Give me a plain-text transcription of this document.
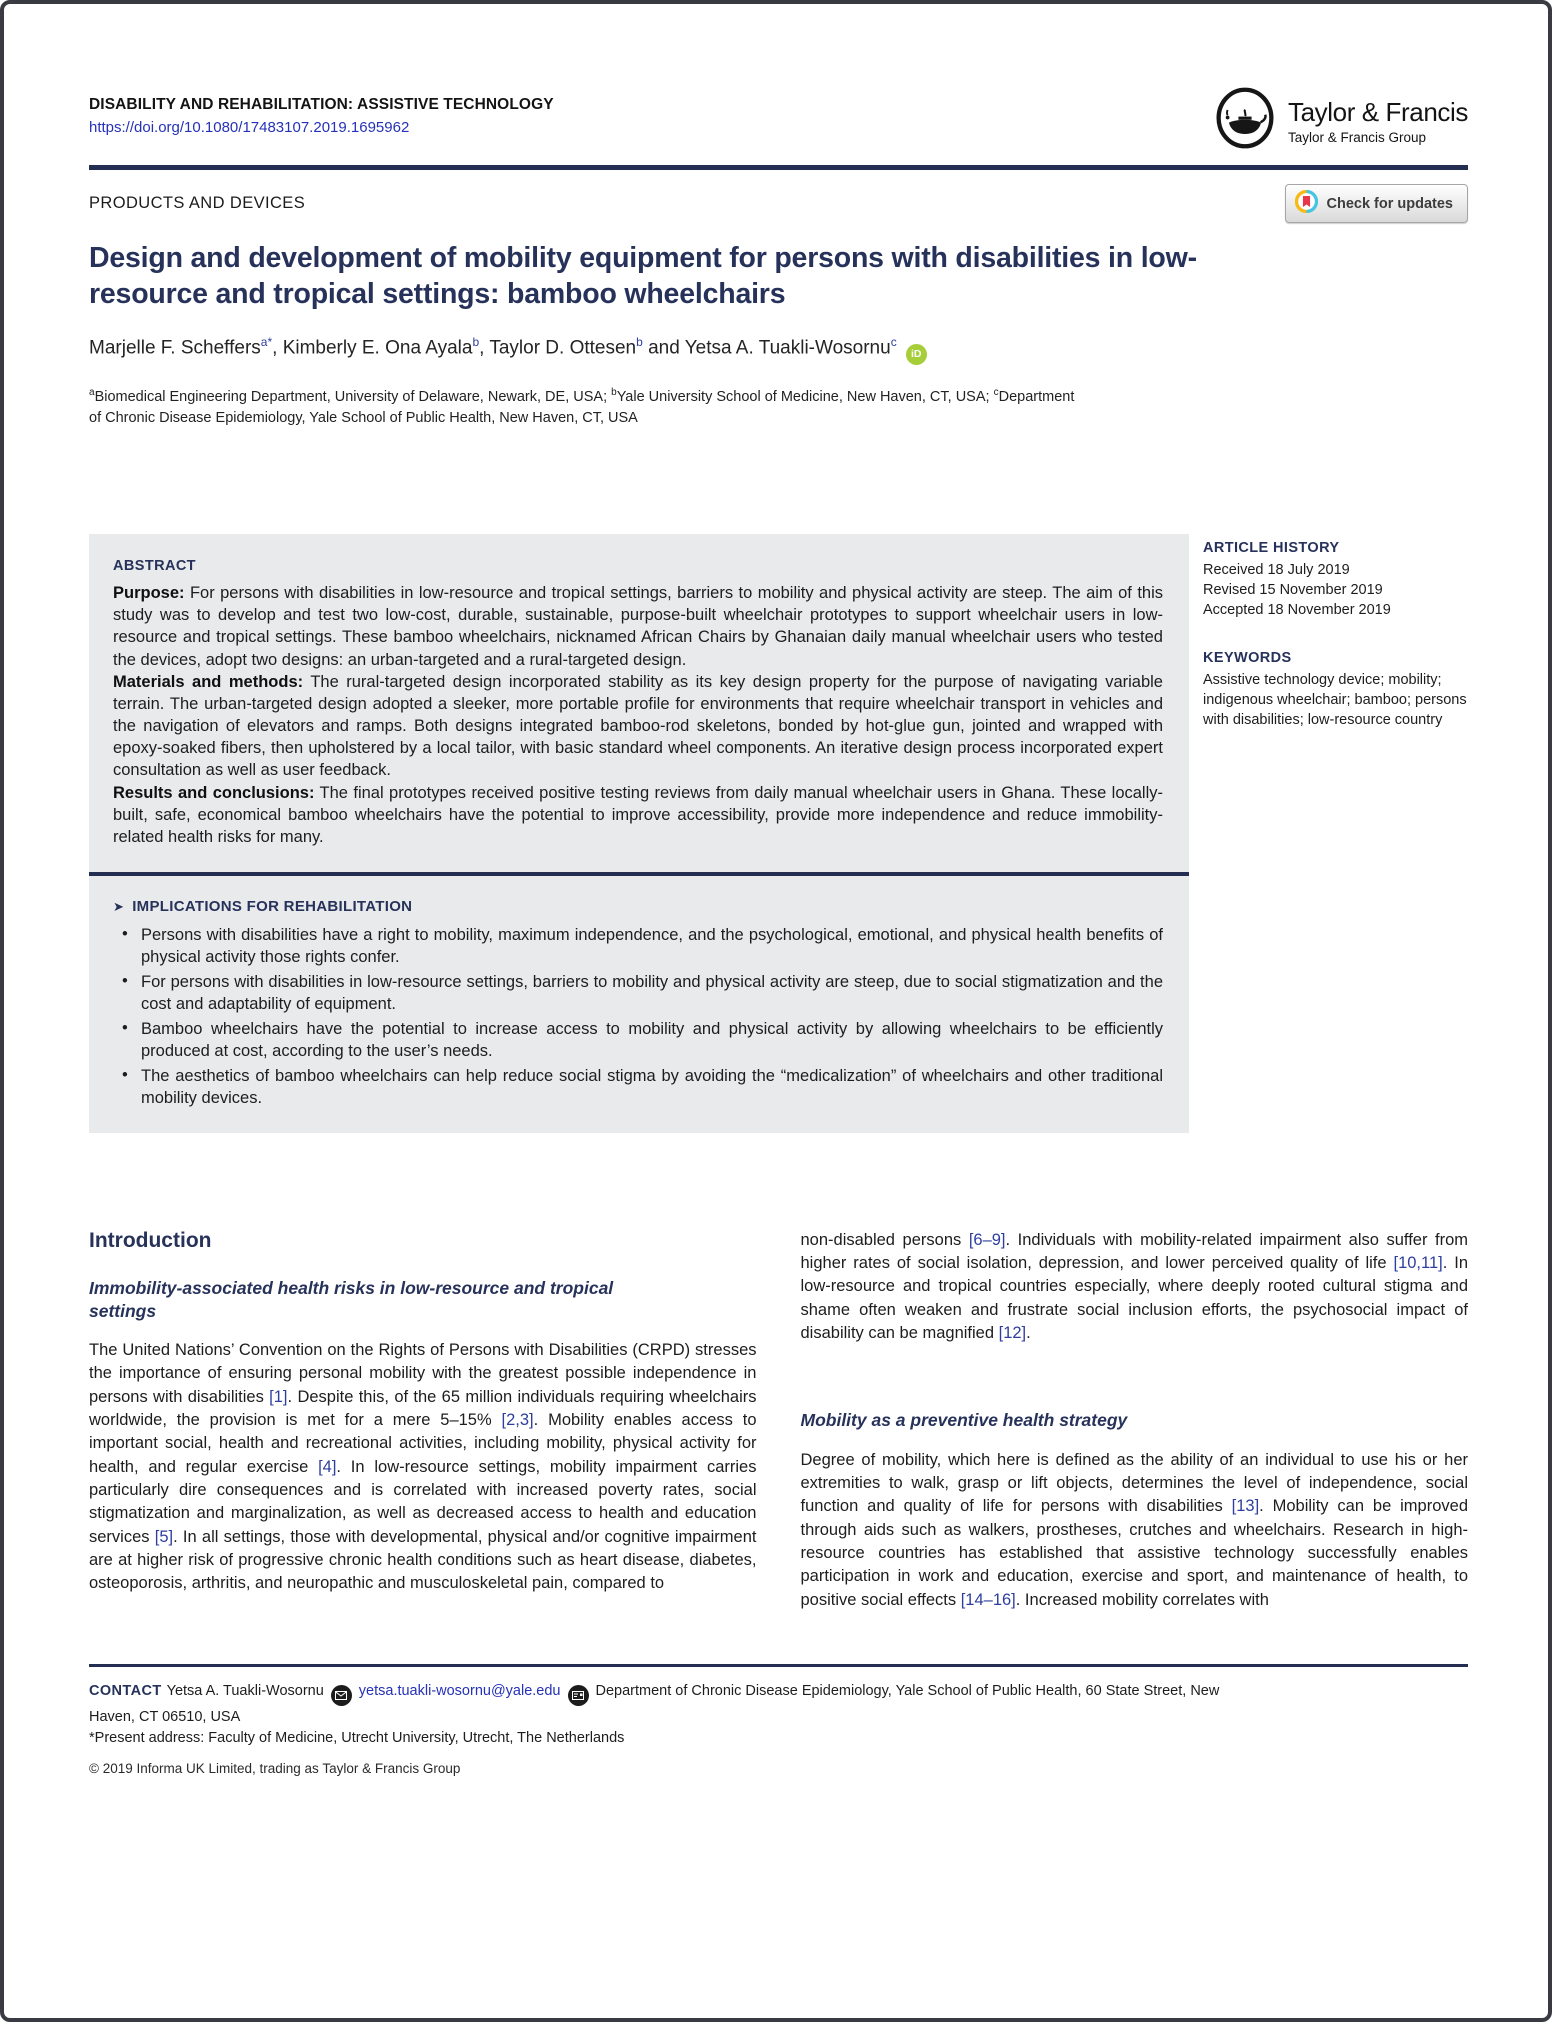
DISABILITY AND REHABILITATION: ASSISTIVE TECHNOLOGY
https://doi.org/10.1080/17483107.2019.1695962
Taylor & Francis
Taylor & Francis Group
PRODUCTS AND DEVICES	Check for updates
Design and development of mobility equipment for persons with disabilities in low-resource and tropical settings: bamboo wheelchairs
Marjelle F. Scheffers$^{a*}$, Kimberly E. Ona Ayala$^b$, Taylor D. Ottesen$^b$ and Yetsa A. Tuakli-Wosornu$^c$iD

$^a$Biomedical Engineering Department, University of Delaware, Newark, DE, USA; $^b$Yale University School of Medicine, New Haven, CT, USA; $^c$Department of Chronic Disease Epidemiology, Yale School of Public Health, New Haven, CT, USA

ABSTRACT

Purpose: For persons with disabilities in low-resource and tropical settings, barriers to mobility and physical activity are steep. The aim of this study was to develop and test two low-cost, durable, sustainable, purpose-built wheelchair prototypes to support wheelchair users in low-resource and tropical settings. These bamboo wheelchairs, nicknamed African Chairs by Ghanaian daily manual wheelchair users who tested the devices, adopt two designs: an urban-targeted and a rural-targeted design.

Materials and methods: The rural-targeted design incorporated stability as its key design property for the purpose of navigating variable terrain. The urban-targeted design adopted a sleeker, more portable profile for environments that require wheelchair transport in vehicles and the navigation of elevators and ramps. Both designs integrated bamboo-rod skeletons, bonded by hot-glue gun, jointed and wrapped with epoxy-soaked fibers, then upholstered by a local tailor, with basic standard wheel components. An iterative design process incorporated expert consultation as well as user feedback.

Results and conclusions: The final prototypes received positive testing reviews from daily manual wheelchair users in Ghana. These locally-built, safe, economical bamboo wheelchairs have the potential to improve accessibility, provide more independence and reduce immobility-related health risks for many.

➤ IMPLICATIONS FOR REHABILITATION
• Persons with disabilities have a right to mobility, maximum independence, and the psychological, emotional, and physical health benefits of physical activity those rights confer.
• For persons with disabilities in low-resource settings, barriers to mobility and physical activity are steep, due to social stigmatization and the cost and adaptability of equipment.
• Bamboo wheelchairs have the potential to increase access to mobility and physical activity by allowing wheelchairs to be efficiently produced at cost, according to the user’s needs.
• The aesthetics of bamboo wheelchairs can help reduce social stigma by avoiding the “medicalization” of wheelchairs and other traditional mobility devices.
ARTICLE HISTORY
Received 18 July 2019
Revised 15 November 2019
Accepted 18 November 2019
KEYWORDS

Assistive technology device; mobility; indigenous wheelchair; bamboo; persons with disabilities; low-resource country

Introduction
Immobility-associated health risks in low-resource and tropical settings

The United Nations’ Convention on the Rights of Persons with Disabilities (CRPD) stresses the importance of ensuring personal mobility with the greatest possible independence in persons with disabilities [1]. Despite this, of the 65 million individuals requiring wheelchairs worldwide, the provision is met for a mere 5–15% [2,3]. Mobility enables access to important social, health and recreational activities, including mobility, physical activity for health, and regular exercise [4]. In low-resource settings, mobility impairment carries particularly dire consequences and is correlated with increased poverty rates, social stigmatization and marginalization, as well as decreased access to health and education services [5]. In all settings, those with developmental, physical and/or cognitive impairment are at higher risk of progressive chronic health conditions such as heart disease, diabetes, osteoporosis, arthritis, and neuropathic and musculoskeletal pain, compared to

non-disabled persons [6–9]. Individuals with mobility-related impairment also suffer from higher rates of social isolation, depression, and lower perceived quality of life [10,11]. In low-resource and tropical countries especially, where deeply rooted cultural stigma and shame often weaken and frustrate social inclusion efforts, the psychosocial impact of disability can be magnified [12].

Mobility as a preventive health strategy

Degree of mobility, which here is defined as the ability of an individual to use his or her extremities to walk, grasp or lift objects, determines the level of independence, social function and quality of life for persons with disabilities [13]. Mobility can be improved through aids such as walkers, prostheses, crutches and wheelchairs. Research in high-resource countries has established that assistive technology successfully enables participation in work and education, exercise and sport, and maintenance of health, to positive social effects [14–16]. Increased mobility correlates with

CONTACT Yetsa A. Tuakli-Wosornu yetsa.tuakli-wosornu@yale.edu Department of Chronic Disease Epidemiology, Yale School of Public Health, 60 State Street, New Haven, CT 06510, USA

*Present address: Faculty of Medicine, Utrecht University, Utrecht, The Netherlands

© 2019 Informa UK Limited, trading as Taylor & Francis Group
